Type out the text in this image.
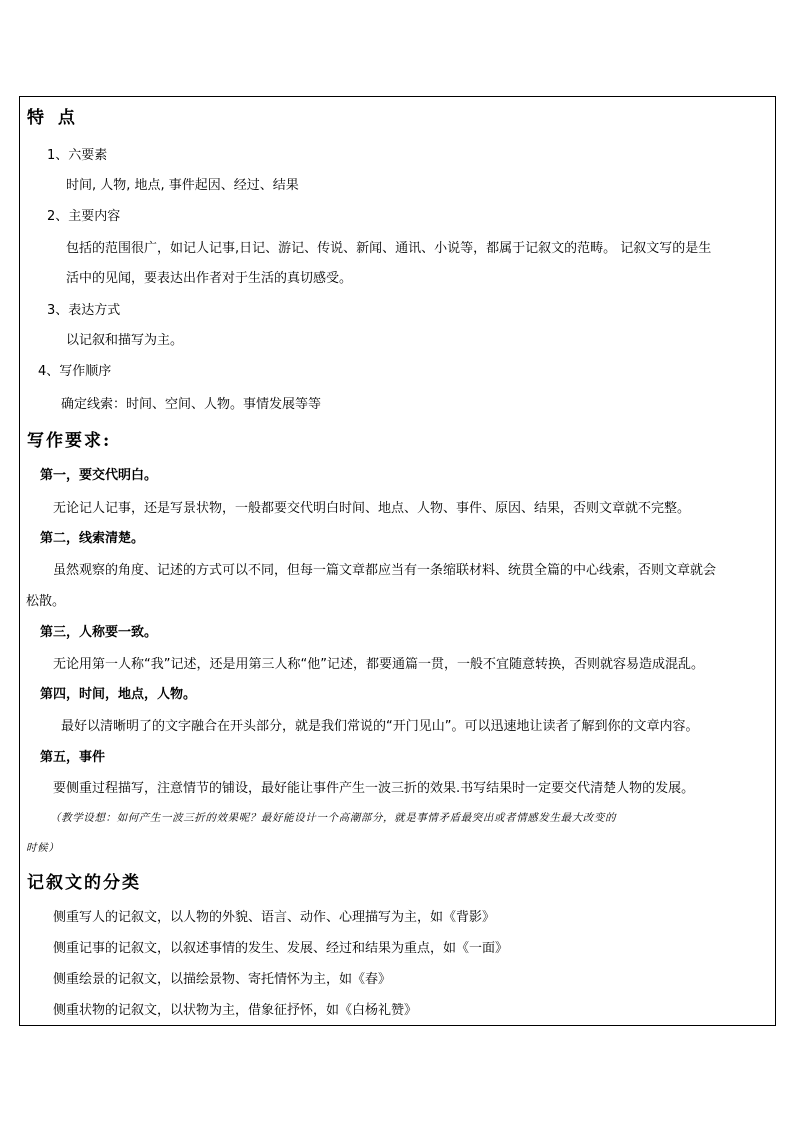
特 点
1、六要素
时间, 人物, 地点, 事件起因、经过、结果
2、主要内容
包括的范围很广，如记人记事,日记、游记、传说、新闻、通讯、小说等，都属于记叙文的范畴。 记叙文写的是生
活中的见闻，要表达出作者对于生活的真切感受。
3、表达方式
以记叙和描写为主。
4、写作顺序
确定线索：时间、空间、人物。事情发展等等
写作要求:
第一，要交代明白。
无论记人记事，还是写景状物，一般都要交代明白时间、地点、人物、事件、原因、结果，否则文章就不完整。
第二，线索清楚。
虽然观察的角度、记述的方式可以不同，但每一篇文章都应当有一条缩联材料、统贯全篇的中心线索，否则文章就会
松散。
第三，人称要一致。
无论用第一人称“我”记述，还是用第三人称“他”记述，都要通篇一贯，一般不宜随意转换，否则就容易造成混乱。
第四，时间，地点，人物。
最好以清晰明了的文字融合在开头部分，就是我们常说的“开门见山”。可以迅速地让读者了解到你的文章内容。
第五，事件
要侧重过程描写，注意情节的铺设，最好能让事件产生一波三折的效果.书写结果时一定要交代清楚人物的发展。
（教学设想：如何产生一波三折的效果呢？最好能设计一个高潮部分，就是事情矛盾最突出或者情感发生最大改变的
时候）
记叙文的分类
侧重写人的记叙文，以人物的外貌、语言、动作、心理描写为主，如《背影》
侧重记事的记叙文，以叙述事情的发生、发展、经过和结果为重点，如《一面》
侧重绘景的记叙文，以描绘景物、寄托情怀为主，如《春》
侧重状物的记叙文，以状物为主，借象征抒怀，如《白杨礼赞》
